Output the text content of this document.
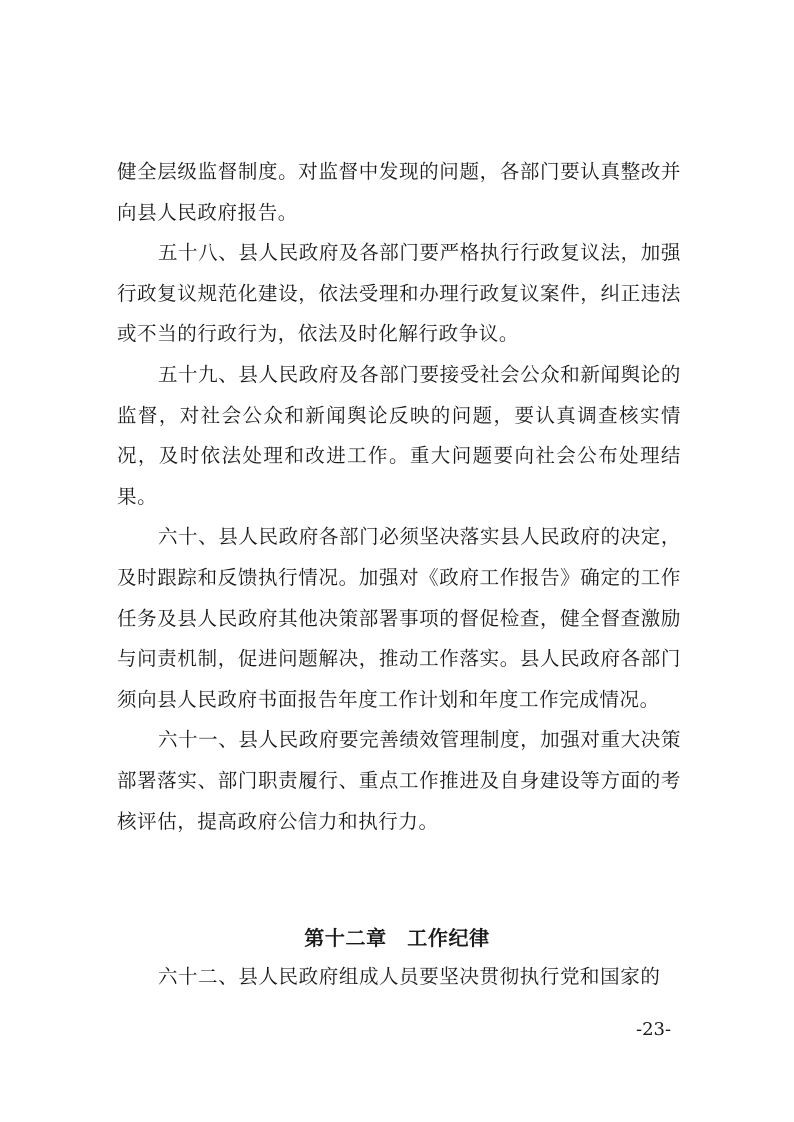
健全层级监督制度。对监督中发现的问题，各部门要认真整改并向县人民政府报告。

五十八、县人民政府及各部门要严格执行行政复议法，加强行政复议规范化建设，依法受理和办理行政复议案件，纠正违法或不当的行政行为，依法及时化解行政争议。

五十九、县人民政府及各部门要接受社会公众和新闻舆论的监督，对社会公众和新闻舆论反映的问题，要认真调查核实情况，及时依法处理和改进工作。重大问题要向社会公布处理结果。

六十、县人民政府各部门必须坚决落实县人民政府的决定，及时跟踪和反馈执行情况。加强对《政府工作报告》确定的工作任务及县人民政府其他决策部署事项的督促检查，健全督查激励与问责机制，促进问题解决，推动工作落实。县人民政府各部门须向县人民政府书面报告年度工作计划和年度工作完成情况。

六十一、县人民政府要完善绩效管理制度，加强对重大决策部署落实、部门职责履行、重点工作推进及自身建设等方面的考核评估，提高政府公信力和执行力。

第十二章　工作纪律

六十二、县人民政府组成人员要坚决贯彻执行党和国家的

-23-
